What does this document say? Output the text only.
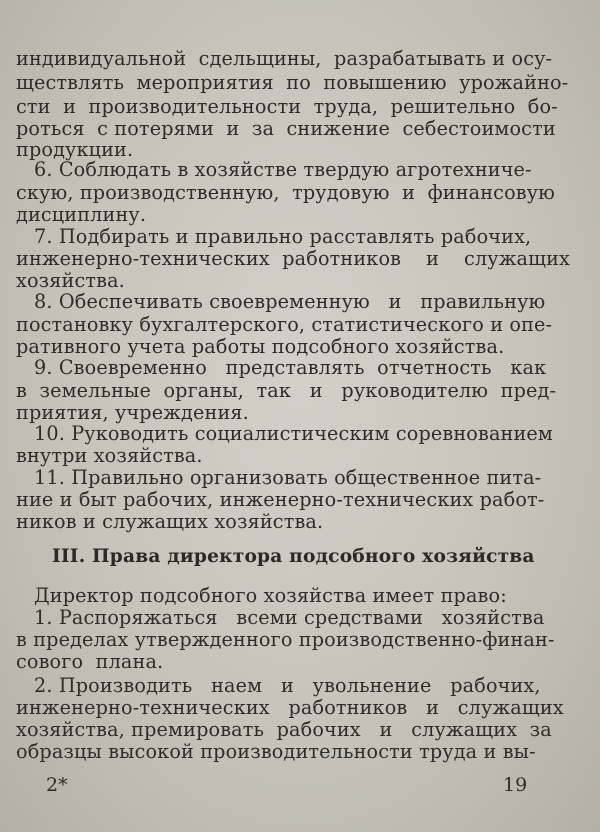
индивидуальной  сдельщины,  разрабатывать и осу-
ществлять  мероприятия  по  повышению  урожайно-
сти  и  производительности  труда,  решительно  бо-
роться  с потерями  и  за  снижение  себестоимости
продукции.
6. Соблюдать в хозяйстве твердую агротехниче-
скую, производственную,  трудовую  и  финансовую
дисциплину.
7. Подбирать и правильно расставлять рабочих,
инженерно-технических  работников    и    служащих
хозяйства.
8. Обеспечивать своевременную   и   правильную
постановку бухгалтерского, статистического и опе-
ративного учета работы подсобного хозяйства.
9. Своевременно   представлять  отчетность   как
в  земельные  органы,  так   и   руководителю  пред-
приятия, учреждения.
10. Руководить социалистическим соревнованием
внутри хозяйства.
11. Правильно организовать общественное пита-
ние и быт рабочих, инженерно-технических работ-
ников и служащих хозяйства.
III. Права директора подсобного хозяйства
Директор подсобного хозяйства имеет право:
1. Распоряжаться   всеми средствами   хозяйства
в пределах утвержденного производственно-финан-
сового  плана.
2. Производить   наем   и   увольнение   рабочих,
инженерно-технических   работников   и   служащих
хозяйства, премировать  рабочих   и   служащих  за
образцы высокой производительности труда и вы-
2*	19
